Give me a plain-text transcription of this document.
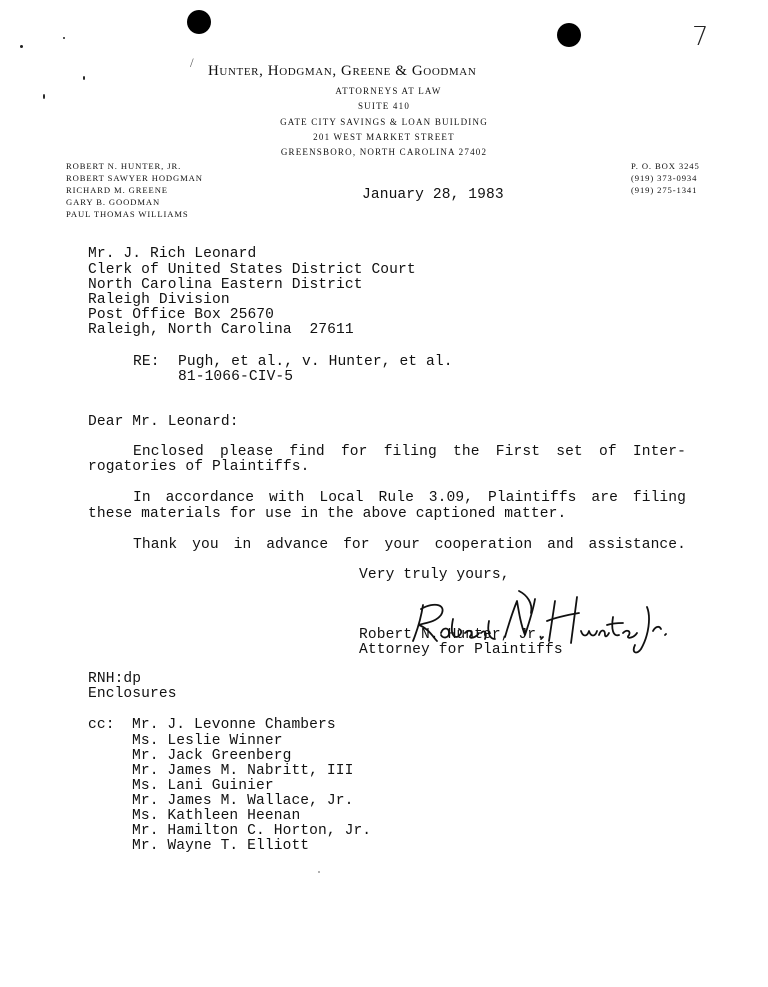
/
7
Hunter, Hodgman, Greene & Goodman
ATTORNEYS AT LAW
SUITE 410
GATE CITY SAVINGS & LOAN BUILDING
201 WEST MARKET STREET
GREENSBORO, NORTH CAROLINA 27402
ROBERT N. HUNTER, JR.
ROBERT SAWYER HODGMAN
RICHARD M. GREENE
GARY B. GOODMAN
PAUL THOMAS WILLIAMS
P. O. BOX 3245
(919) 373-0934
(919) 275-1341
January 28, 1983
Mr. J. Rich Leonard
Clerk of United States District Court
North Carolina Eastern District
Raleigh Division
Post Office Box 25670
Raleigh, North Carolina  27611
RE: Pugh, et al., v. Hunter, et al.
81-1066-CIV-5
Dear Mr. Leonard:
Enclosed please find for filing the First set of Inter-
rogatories of Plaintiffs.
In accordance with Local Rule 3.09, Plaintiffs are filing
these materials for use in the above captioned matter.
Thank you in advance for your cooperation and assistance.
Very truly yours,

Robert N. Hunter, Jr.
Attorney for Plaintiffs
RNH:dp
Enclosures
cc: Mr. J. Levonne Chambers
Ms. Leslie Winner
Mr. Jack Greenberg
Mr. James M. Nabritt, III
Ms. Lani Guinier
Mr. James M. Wallace, Jr.
Ms. Kathleen Heenan
Mr. Hamilton C. Horton, Jr.
Mr. Wayne T. Elliott
